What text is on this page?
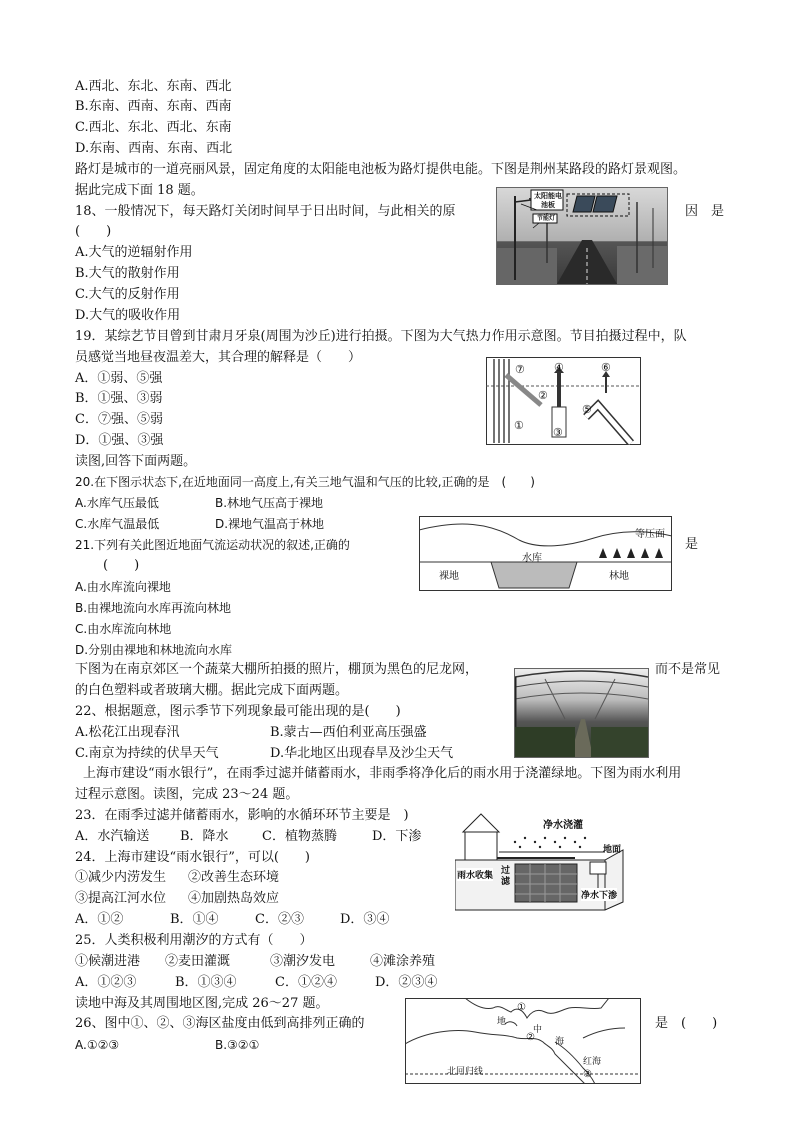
A.西北、东北、东南、西北
B.东南、西南、东南、西南
C.西北、东北、西北、东南
D.东南、西南、东南、西北
路灯是城市的一道亮丽风景，固定角度的太阳能电池板为路灯提供电能。下图是荆州某路段的路灯景观图。
据此完成下面 18 题。
18、一般情况下，每天路灯关闭时间早于日出时间，与此相关的原	因　是
(　　)
A.大气的逆辐射作用
B.大气的散射作用
C.大气的反射作用
D.大气的吸收作用
太阳能电池板
节能灯
19．某综艺节目曾到甘肃月牙泉(周围为沙丘)进行拍摄。下图为大气热力作用示意图。节目拍摄过程中，队
员感觉当地昼夜温差大，其合理的解释是（　　）
A．①弱、⑤强
B．①强、③弱
C．⑦强、⑤弱
D．①强、③强
⑦	④	⑥
②
⑤
①
③
读图,回答下面两题。
20.在下图示状态下,在近地面同一高度上,有关三地气温和气压的比较,正确的是　(　　)
A.水库气压最低	B.林地气压高于裸地
C.水库气温最低	D.裸地气温高于林地
等压面
水库
裸地	林地
21.下列有关此图近地面气流运动状况的叙述,正确的	是
(　　)
A.由水库流向裸地
B.由裸地流向水库再流向林地
C.由水库流向林地
D.分别由裸地和林地流向水库
下图为在南京郊区一个蔬菜大棚所拍摄的照片，棚顶为黑色的尼龙网，	而不是常见
的白色塑料或者玻璃大棚。据此完成下面两题。
22、根据题意，图示季节下列现象最可能出现的是(　　)
A.松花江出现春汛	B.蒙古—西伯利亚高压强盛
C.南京为持续的伏旱天气	D.华北地区出现春旱及沙尘天气
上海市建设“雨水银行”，在雨季过滤并储蓄雨水，非雨季将净化后的雨水用于浇灌绿地。下图为雨水利用
过程示意图。读图，完成 23～24 题。
23．在雨季过滤并储蓄雨水，影响的水循环环节主要是　)
A．水汽输送 B．降水	C．植物蒸腾	D．下渗
净水浇灌
地面
雨水收集 过滤
净水下渗
24．上海市建设“雨水银行”，可以(　　)
①减少内涝发生 ②改善生态环境
③提高江河水位 ④加剧热岛效应
A．①②	B．①④	C．②③	D．③④
25．人类积极利用潮汐的方式有（　　）
①候潮进港 ②麦田灌溉	③潮汐发电	④滩涂养殖
A．①②③	B．①③④	C．①②④	D．②③④
读地中海及其周围地区图,完成 26～27 题。
26、图中①、②、③海区盐度由低到高排列正确的	是　(　　)
A.①②③	B.③②①
地
中
①
② 海
红海
③
北回归线
